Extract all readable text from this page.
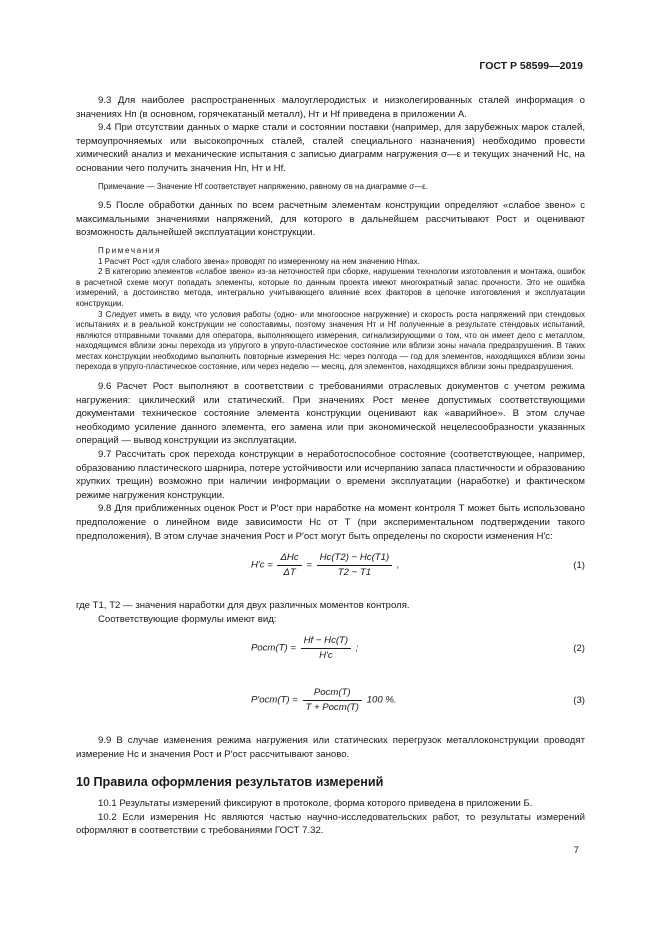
ГОСТ Р 58599—2019

9.3 Для наиболее распространенных малоуглеродистых и низколегированных сталей информация о значениях Нп (в основном, горячекатаный металл), Нт и Нf приведена в приложении А.

9.4 При отсутствии данных о марке стали и состоянии поставки (например, для зарубежных марок сталей, термоупрочняемых или высокопрочных сталей, сталей специального назначения) необходимо провести химический анализ и механические испытания с записью диаграмм нагружения σ—ε и текущих значений Нс, на основании чего получить значения Нп, Нт и Нf.

Примечание — Значение Нf соответствует напряжению, равному σв на диаграмме σ—ε.

9.5 После обработки данных по всем расчетным элементам конструкции определяют «слабое звено» с максимальными значениями напряжений, для которого в дальнейшем рассчитывают Рост и оценивают возможность дальнейшей эксплуатации конструкции.

Примечания

1 Расчет Рост «для слабого звена» проводят по измеренному на нем значению Нmax.

2 В категорию элементов «слабое звено» из-за неточностей при сборке, нарушении технологии изготовления и монтажа, ошибок в расчетной схеме могут попадать элементы, которые по данным проекта имеют многократный запас прочности. Это не ошибка измерений, а достоинство метода, интегрально учитывающего влияние всех факторов в цепочке изготовления и эксплуатации конструкции.

3 Следует иметь в виду, что условия работы (одно- или многоосное нагружение) и скорость роста напряжений при стендовых испытаниях и в реальной конструкции не сопоставимы, поэтому значения Нт и Нf полученные в результате стендовых испытаний, являются отправными точками для оператора, выполняющего измерения, сигнализирующими о том, что он имеет дело с металлом, находящимся вблизи зоны перехода из упругого в упруго-пластическое состояние или вблизи зоны начала предразрушения. В таких местах конструкции необходимо выполнить повторные измерения Нс: через полгода — год для элементов, находящихся вблизи зоны перехода в упруго-пластическое состояние, или через неделю — месяц, для элементов, находящихся вблизи зоны предразрушения.

9.6 Расчет Рост выполняют в соответствии с требованиями отраслевых документов с учетом режима нагружения: циклический или статический. При значениях Рост менее допустимых соответствующими документами техническое состояние элемента конструкции оценивают как «аварийное». В этом случае необходимо усиление данного элемента, его замена или при экономической нецелесообразности указанных операций — вывод конструкции из эксплуатации.

9.7 Рассчитать срок перехода конструкции в неработоспособное состояние (соответствующее, например, образованию пластического шарнира, потере устойчивости или исчерпанию запаса пластичности и образованию хрупких трещин) возможно при наличии информации о времени эксплуатации (наработке) и фактическом режиме нагружения конструкции.

9.8 Для приближенных оценок Рост и Р′ост при наработке на момент контроля Т может быть использовано предположение о линейном виде зависимости Нс от Т (при экспериментальном подтверждении такого предположения). В этом случае значения Рост и Р′ост могут быть определены по скорости изменения Н′с:

$H'c = \frac{\text{ΔHc}}{\Delta T} = \frac{Hc(T2) - Hc(T1)}{T2 - T1}$ ,	(1)

где Т1, Т2 — значения наработки для двух различных моментов контроля.

Соответствующие формулы имеют вид:

Рост(T) = $\frac{Hf - Hc(T)}{H'c}$ ;	(2)
$Р'ост(T) = \frac{\text{Рост(T)}}{\text{T + Рост(T)}} 100$ %.	(3)

9.9 В случае изменения режима нагружения или статических перегрузок металлоконструкции проводят измерение Нс и значения Рост и Р′ост рассчитывают заново.

10 Правила оформления результатов измерений

10.1 Результаты измерений фиксируют в протоколе, форма которого приведена в приложении Б.

10.2 Если измерения Нс являются частью научно-исследовательских работ, то результаты измерений оформляют в соответствии с требованиями ГОСТ 7.32.

7
